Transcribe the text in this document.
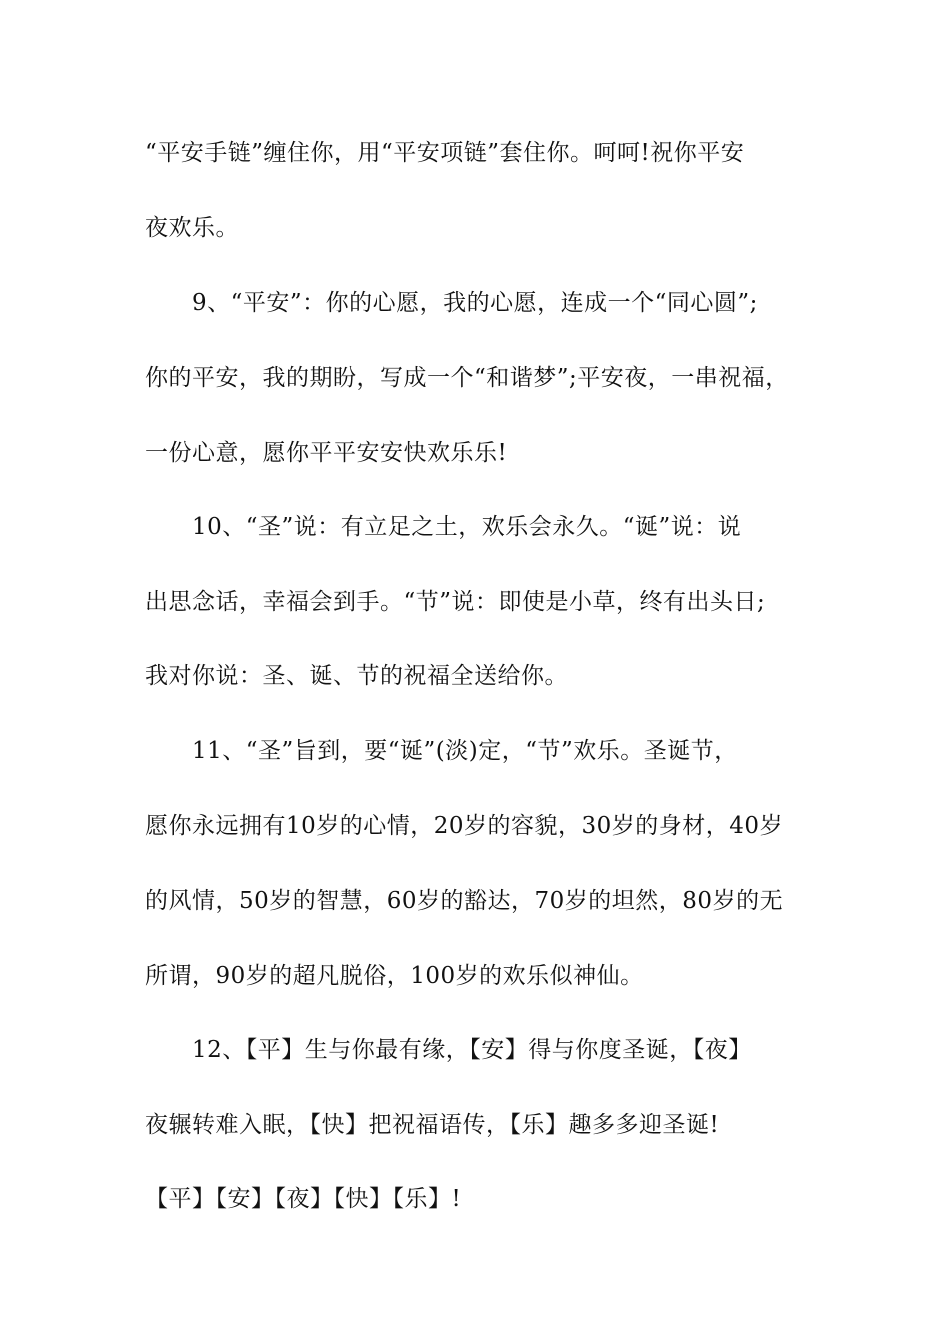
“平安手链”缠住你，用“平安项链”套住你。呵呵!祝你平安
夜欢乐。
9、“平安”：你的心愿，我的心愿，连成一个“同心圆”;
你的平安，我的期盼，写成一个“和谐梦”;平安夜，一串祝福，
一份心意，愿你平平安安快欢乐乐!
10、“圣”说：有立足之土，欢乐会永久。“诞”说：说
出思念话，幸福会到手。“节”说：即使是小草，终有出头日;
我对你说：圣、诞、节的祝福全送给你。
11、“圣”旨到，要“诞”(淡)定，“节”欢乐。圣诞节，
愿你永远拥有10岁的心情，20岁的容貌，30岁的身材，40岁
的风情，50岁的智慧，60岁的豁达，70岁的坦然，80岁的无
所谓，90岁的超凡脱俗，100岁的欢乐似神仙。
12、【平】生与你最有缘，【安】得与你度圣诞，【夜】
夜辗转难入眠，【快】把祝福语传，【乐】趣多多迎圣诞!
【平】【安】【夜】【快】【乐】!
